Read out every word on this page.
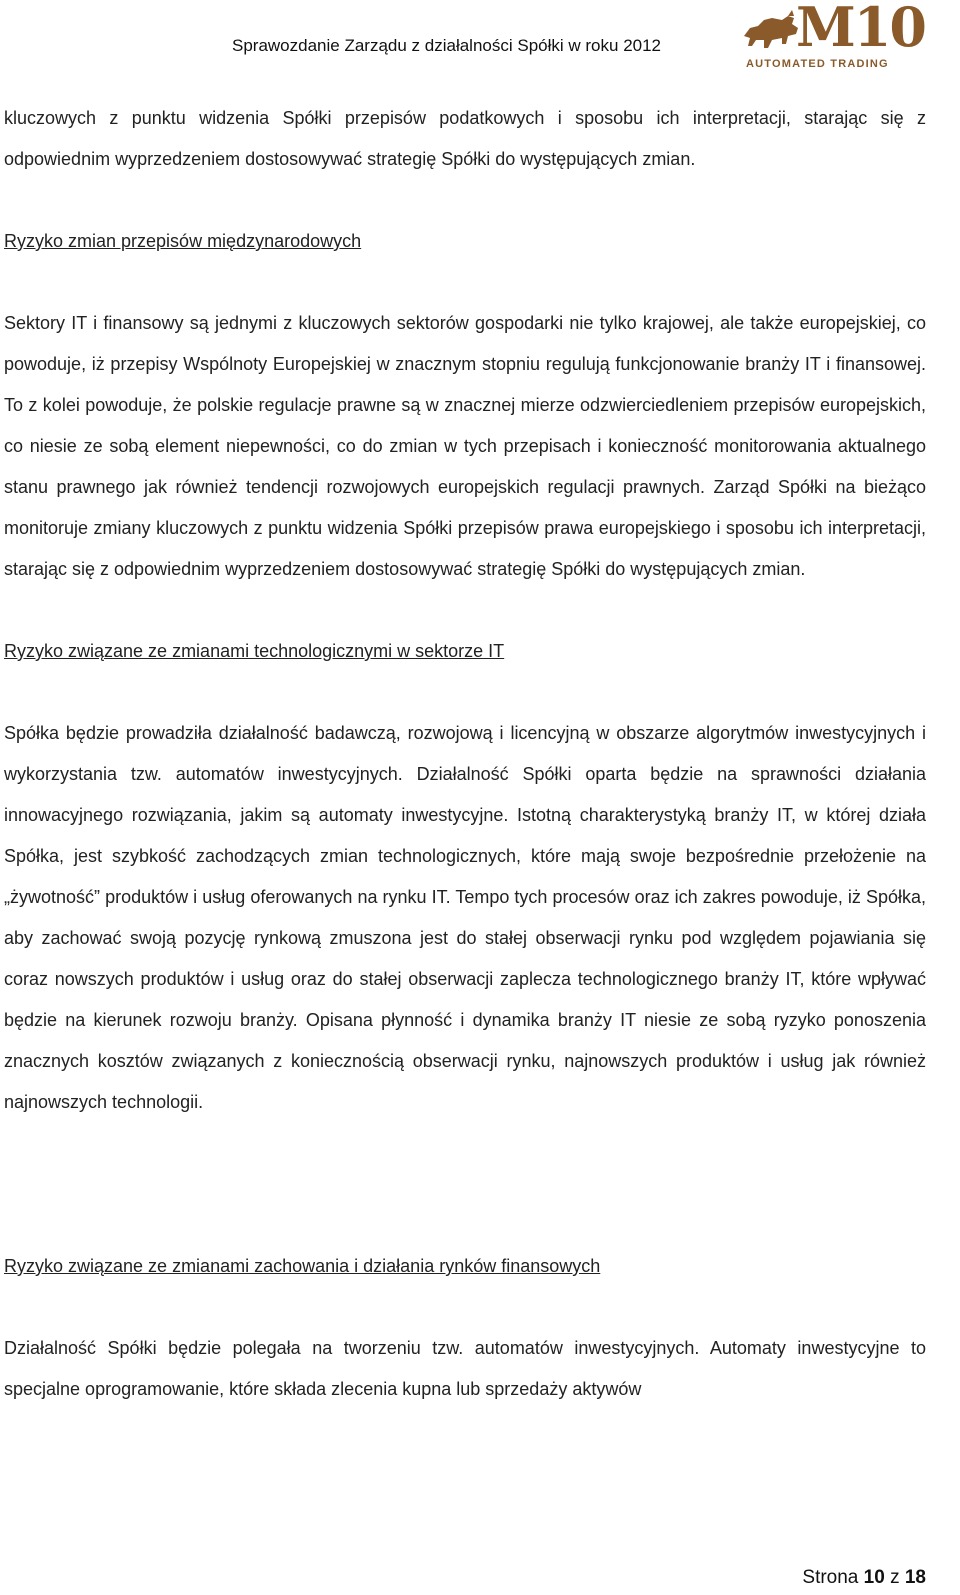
Sprawozdanie Zarządu z działalności Spółki w roku 2012 M10
AUTOMATED TRADING

kluczowych z punktu widzenia Spółki przepisów podatkowych i sposobu ich interpretacji, starając się z odpowiednim wyprzedzeniem dostosowywać strategię Spółki do występujących zmian.

Ryzyko zmian przepisów międzynarodowych

Sektory IT i finansowy są jednymi z kluczowych sektorów gospodarki nie tylko krajowej, ale także europejskiej, co powoduje, iż przepisy Wspólnoty Europejskiej w znacznym stopniu regulują funkcjonowanie branży IT i finansowej. To z kolei powoduje, że polskie regulacje prawne są w znacznej mierze odzwierciedleniem przepisów europejskich, co niesie ze sobą element niepewności, co do zmian w tych przepisach i konieczność monitorowania aktualnego stanu prawnego jak również tendencji rozwojowych europejskich regulacji prawnych. Zarząd Spółki na bieżąco monitoruje zmiany kluczowych z punktu widzenia Spółki przepisów prawa europejskiego i sposobu ich interpretacji, starając się z odpowiednim wyprzedzeniem dostosowywać strategię Spółki do występujących zmian.

Ryzyko związane ze zmianami technologicznymi w sektorze IT

Spółka będzie prowadziła działalność badawczą, rozwojową i licencyjną w obszarze algorytmów inwestycyjnych i wykorzystania tzw. automatów inwestycyjnych. Działalność Spółki oparta będzie na sprawności działania innowacyjnego rozwiązania, jakim są automaty inwestycyjne. Istotną charakterystyką branży IT, w której działa Spółka, jest szybkość zachodzących zmian technologicznych, które mają swoje bezpośrednie przełożenie na „żywotność” produktów i usług oferowanych na rynku IT. Tempo tych procesów oraz ich zakres powoduje, iż Spółka, aby zachować swoją pozycję rynkową zmuszona jest do stałej obserwacji rynku pod względem pojawiania się coraz nowszych produktów i usług oraz do stałej obserwacji zaplecza technologicznego branży IT, które wpływać będzie na kierunek rozwoju branży. Opisana płynność i dynamika branży IT niesie ze sobą ryzyko ponoszenia znacznych kosztów związanych z koniecznością obserwacji rynku, najnowszych produktów i usług jak również najnowszych technologii.

Ryzyko związane ze zmianami zachowania i działania rynków finansowych

Działalność Spółki będzie polegała na tworzeniu tzw. automatów inwestycyjnych. Automaty inwestycyjne to specjalne oprogramowanie, które składa zlecenia kupna lub sprzedaży aktywów

Strona 10 z 18
